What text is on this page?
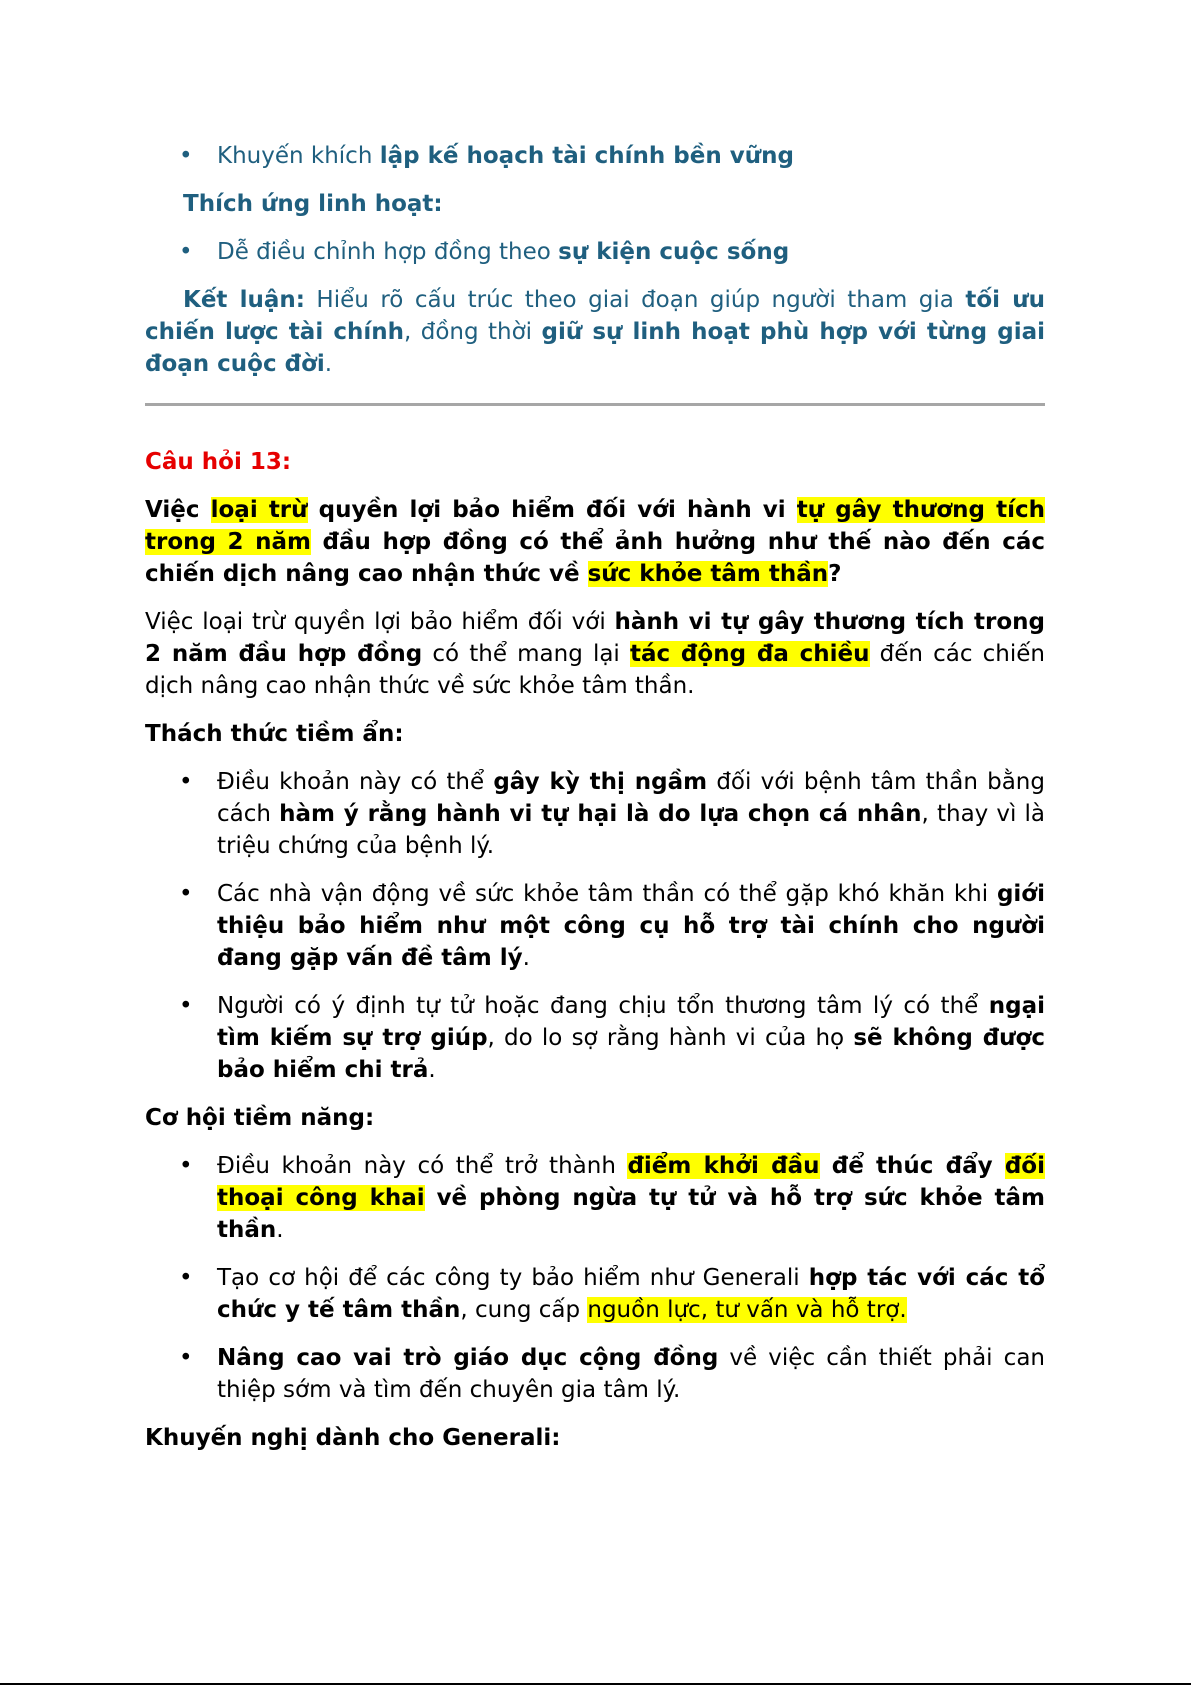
• Khuyến khích lập kế hoạch tài chính bền vững

Thích ứng linh hoạt:

• Dễ điều chỉnh hợp đồng theo sự kiện cuộc sống

Kết luận: Hiểu rõ cấu trúc theo giai đoạn giúp người tham gia tối ưu chiến lược tài chính, đồng thời giữ sự linh hoạt phù hợp với từng giai đoạn cuộc đời.

Câu hỏi 13:

Việc loại trừ quyền lợi bảo hiểm đối với hành vi tự gây thương tích trong 2 năm đầu hợp đồng có thể ảnh hưởng như thế nào đến các chiến dịch nâng cao nhận thức về sức khỏe tâm thần?

Việc loại trừ quyền lợi bảo hiểm đối với hành vi tự gây thương tích trong 2 năm đầu hợp đồng có thể mang lại tác động đa chiều đến các chiến dịch nâng cao nhận thức về sức khỏe tâm thần.

Thách thức tiềm ẩn:

• Điều khoản này có thể gây kỳ thị ngầm đối với bệnh tâm thần bằng cách hàm ý rằng hành vi tự hại là do lựa chọn cá nhân, thay vì là triệu chứng của bệnh lý.

• Các nhà vận động về sức khỏe tâm thần có thể gặp khó khăn khi giới thiệu bảo hiểm như một công cụ hỗ trợ tài chính cho người đang gặp vấn đề tâm lý.

• Người có ý định tự tử hoặc đang chịu tổn thương tâm lý có thể ngại tìm kiếm sự trợ giúp, do lo sợ rằng hành vi của họ sẽ không được bảo hiểm chi trả.

Cơ hội tiềm năng:

• Điều khoản này có thể trở thành điểm khởi đầu để thúc đẩy đối thoại công khai về phòng ngừa tự tử và hỗ trợ sức khỏe tâm thần.

• Tạo cơ hội để các công ty bảo hiểm như Generali hợp tác với các tổ chức y tế tâm thần, cung cấp nguồn lực, tư vấn và hỗ trợ.

• Nâng cao vai trò giáo dục cộng đồng về việc cần thiết phải can thiệp sớm và tìm đến chuyên gia tâm lý.

Khuyến nghị dành cho Generali:
